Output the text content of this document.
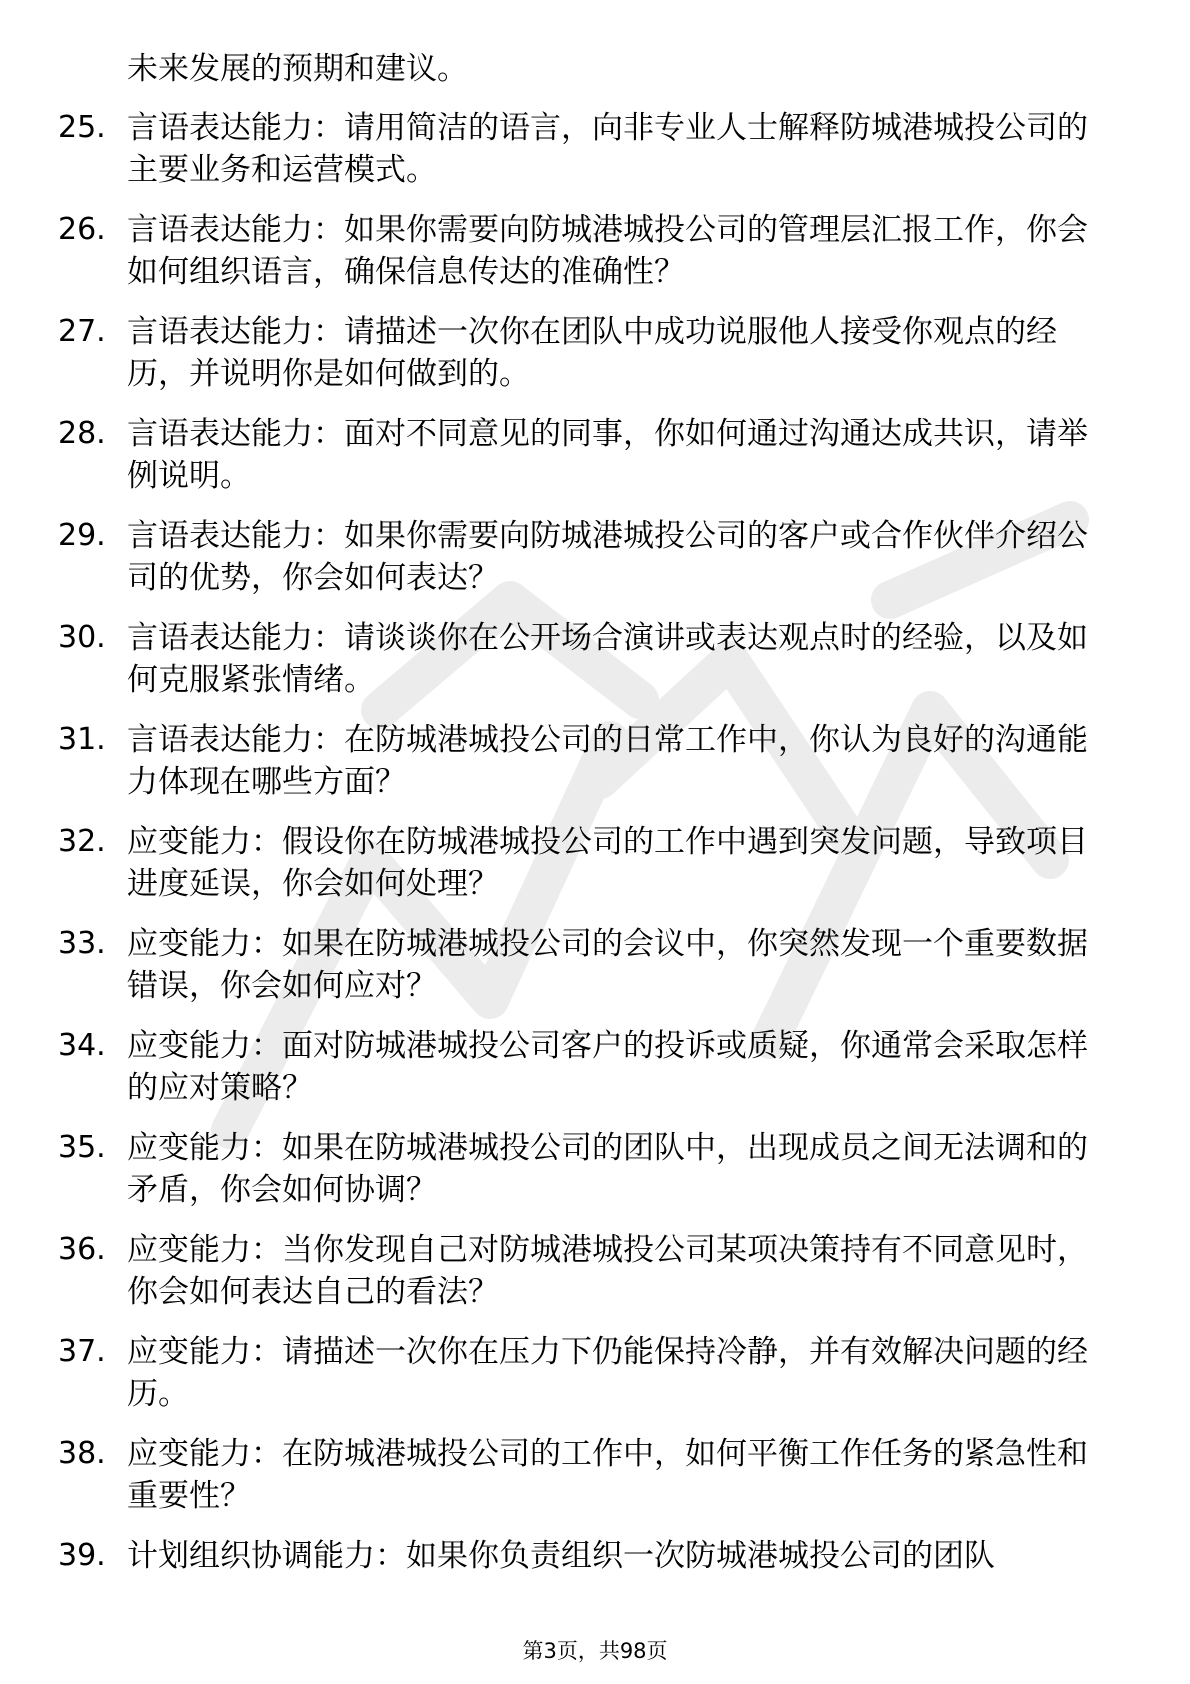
未来发展的预期和建议。
25. 言语表达能力：请用简洁的语言，向非专业人士解释防城港城投公司的主要业务和运营模式。
26. 言语表达能力：如果你需要向防城港城投公司的管理层汇报工作，你会如何组织语言，确保信息传达的准确性？
27. 言语表达能力：请描述一次你在团队中成功说服他人接受你观点的经历，并说明你是如何做到的。
28. 言语表达能力：面对不同意见的同事，你如何通过沟通达成共识，请举例说明。
29. 言语表达能力：如果你需要向防城港城投公司的客户或合作伙伴介绍公司的优势，你会如何表达？
30. 言语表达能力：请谈谈你在公开场合演讲或表达观点时的经验，以及如何克服紧张情绪。
31. 言语表达能力：在防城港城投公司的日常工作中，你认为良好的沟通能力体现在哪些方面？
32. 应变能力：假设你在防城港城投公司的工作中遇到突发问题，导致项目进度延误，你会如何处理？
33. 应变能力：如果在防城港城投公司的会议中，你突然发现一个重要数据错误，你会如何应对？
34. 应变能力：面对防城港城投公司客户的投诉或质疑，你通常会采取怎样的应对策略？
35. 应变能力：如果在防城港城投公司的团队中，出现成员之间无法调和的矛盾，你会如何协调？
36. 应变能力：当你发现自己对防城港城投公司某项决策持有不同意见时，你会如何表达自己的看法？
37. 应变能力：请描述一次你在压力下仍能保持冷静，并有效解决问题的经历。
38. 应变能力：在防城港城投公司的工作中，如何平衡工作任务的紧急性和重要性？
39. 计划组织协调能力：如果你负责组织一次防城港城投公司的团队
第3页，共98页
